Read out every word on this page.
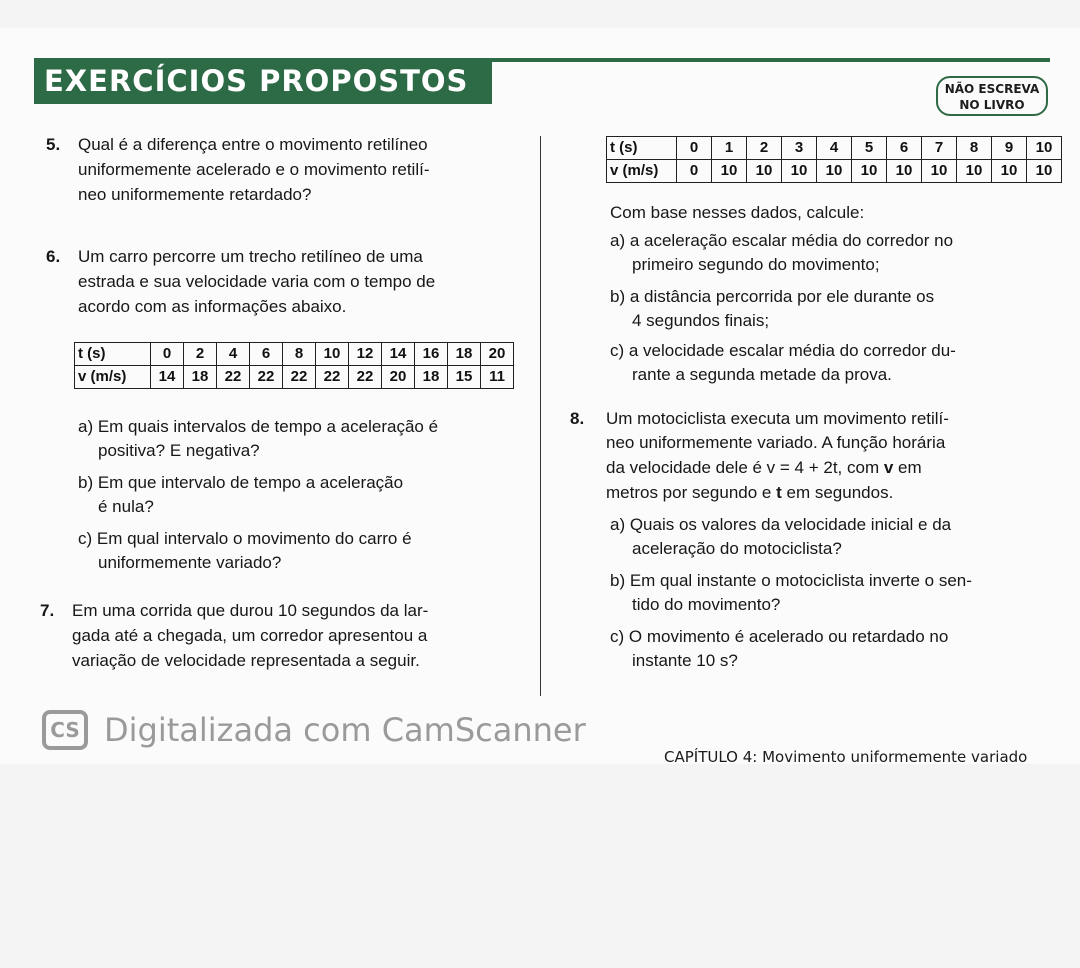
EXERCÍCIOS PROPOSTOS	NÃO ESCREVA
NO LIVRO
5. Qual é a diferença entre o movimento retilíneo
uniformemente acelerado e o movimento retilí-
neo uniformemente retardado?
6. Um carro percorre um trecho retilíneo de uma
estrada e sua velocidade varia com o tempo de
acordo com as informações abaixo.
t (s)	0	2	4	6	8	10	12	14	16	18	20
v (m/s)	14	18	22	22	22	22	22	20	18	15	11
a) Em quais intervalos de tempo a aceleração é
positiva? E negativa?
b) Em que intervalo de tempo a aceleração
é nula?
c) Em qual intervalo o movimento do carro é
uniformemente variado?
7. Em uma corrida que durou 10 segundos da lar-
gada até a chegada, um corredor apresentou a
variação de velocidade representada a seguir.
t (s)	0	1	2	3	4	5	6	7	8	9	10
v (m/s)	0	10	10	10	10	10	10	10	10	10	10
Com base nesses dados, calcule:
a) a aceleração escalar média do corredor no
primeiro segundo do movimento;
b) a distância percorrida por ele durante os
4 segundos finais;
c) a velocidade escalar média do corredor du-
rante a segunda metade da prova.
8. Um motociclista executa um movimento retilí-
neo uniformemente variado. A função horária
da velocidade dele é v = 4 + 2t, com v em
metros por segundo e t em segundos.
a) Quais os valores da velocidade inicial e da
aceleração do motociclista?
b) Em qual instante o motociclista inverte o sen-
tido do movimento?
c) O movimento é acelerado ou retardado no
instante 10 s?
CS Digitalizada com CamScanner
CAPÍTULO 4: Movimento uniformemente variado
